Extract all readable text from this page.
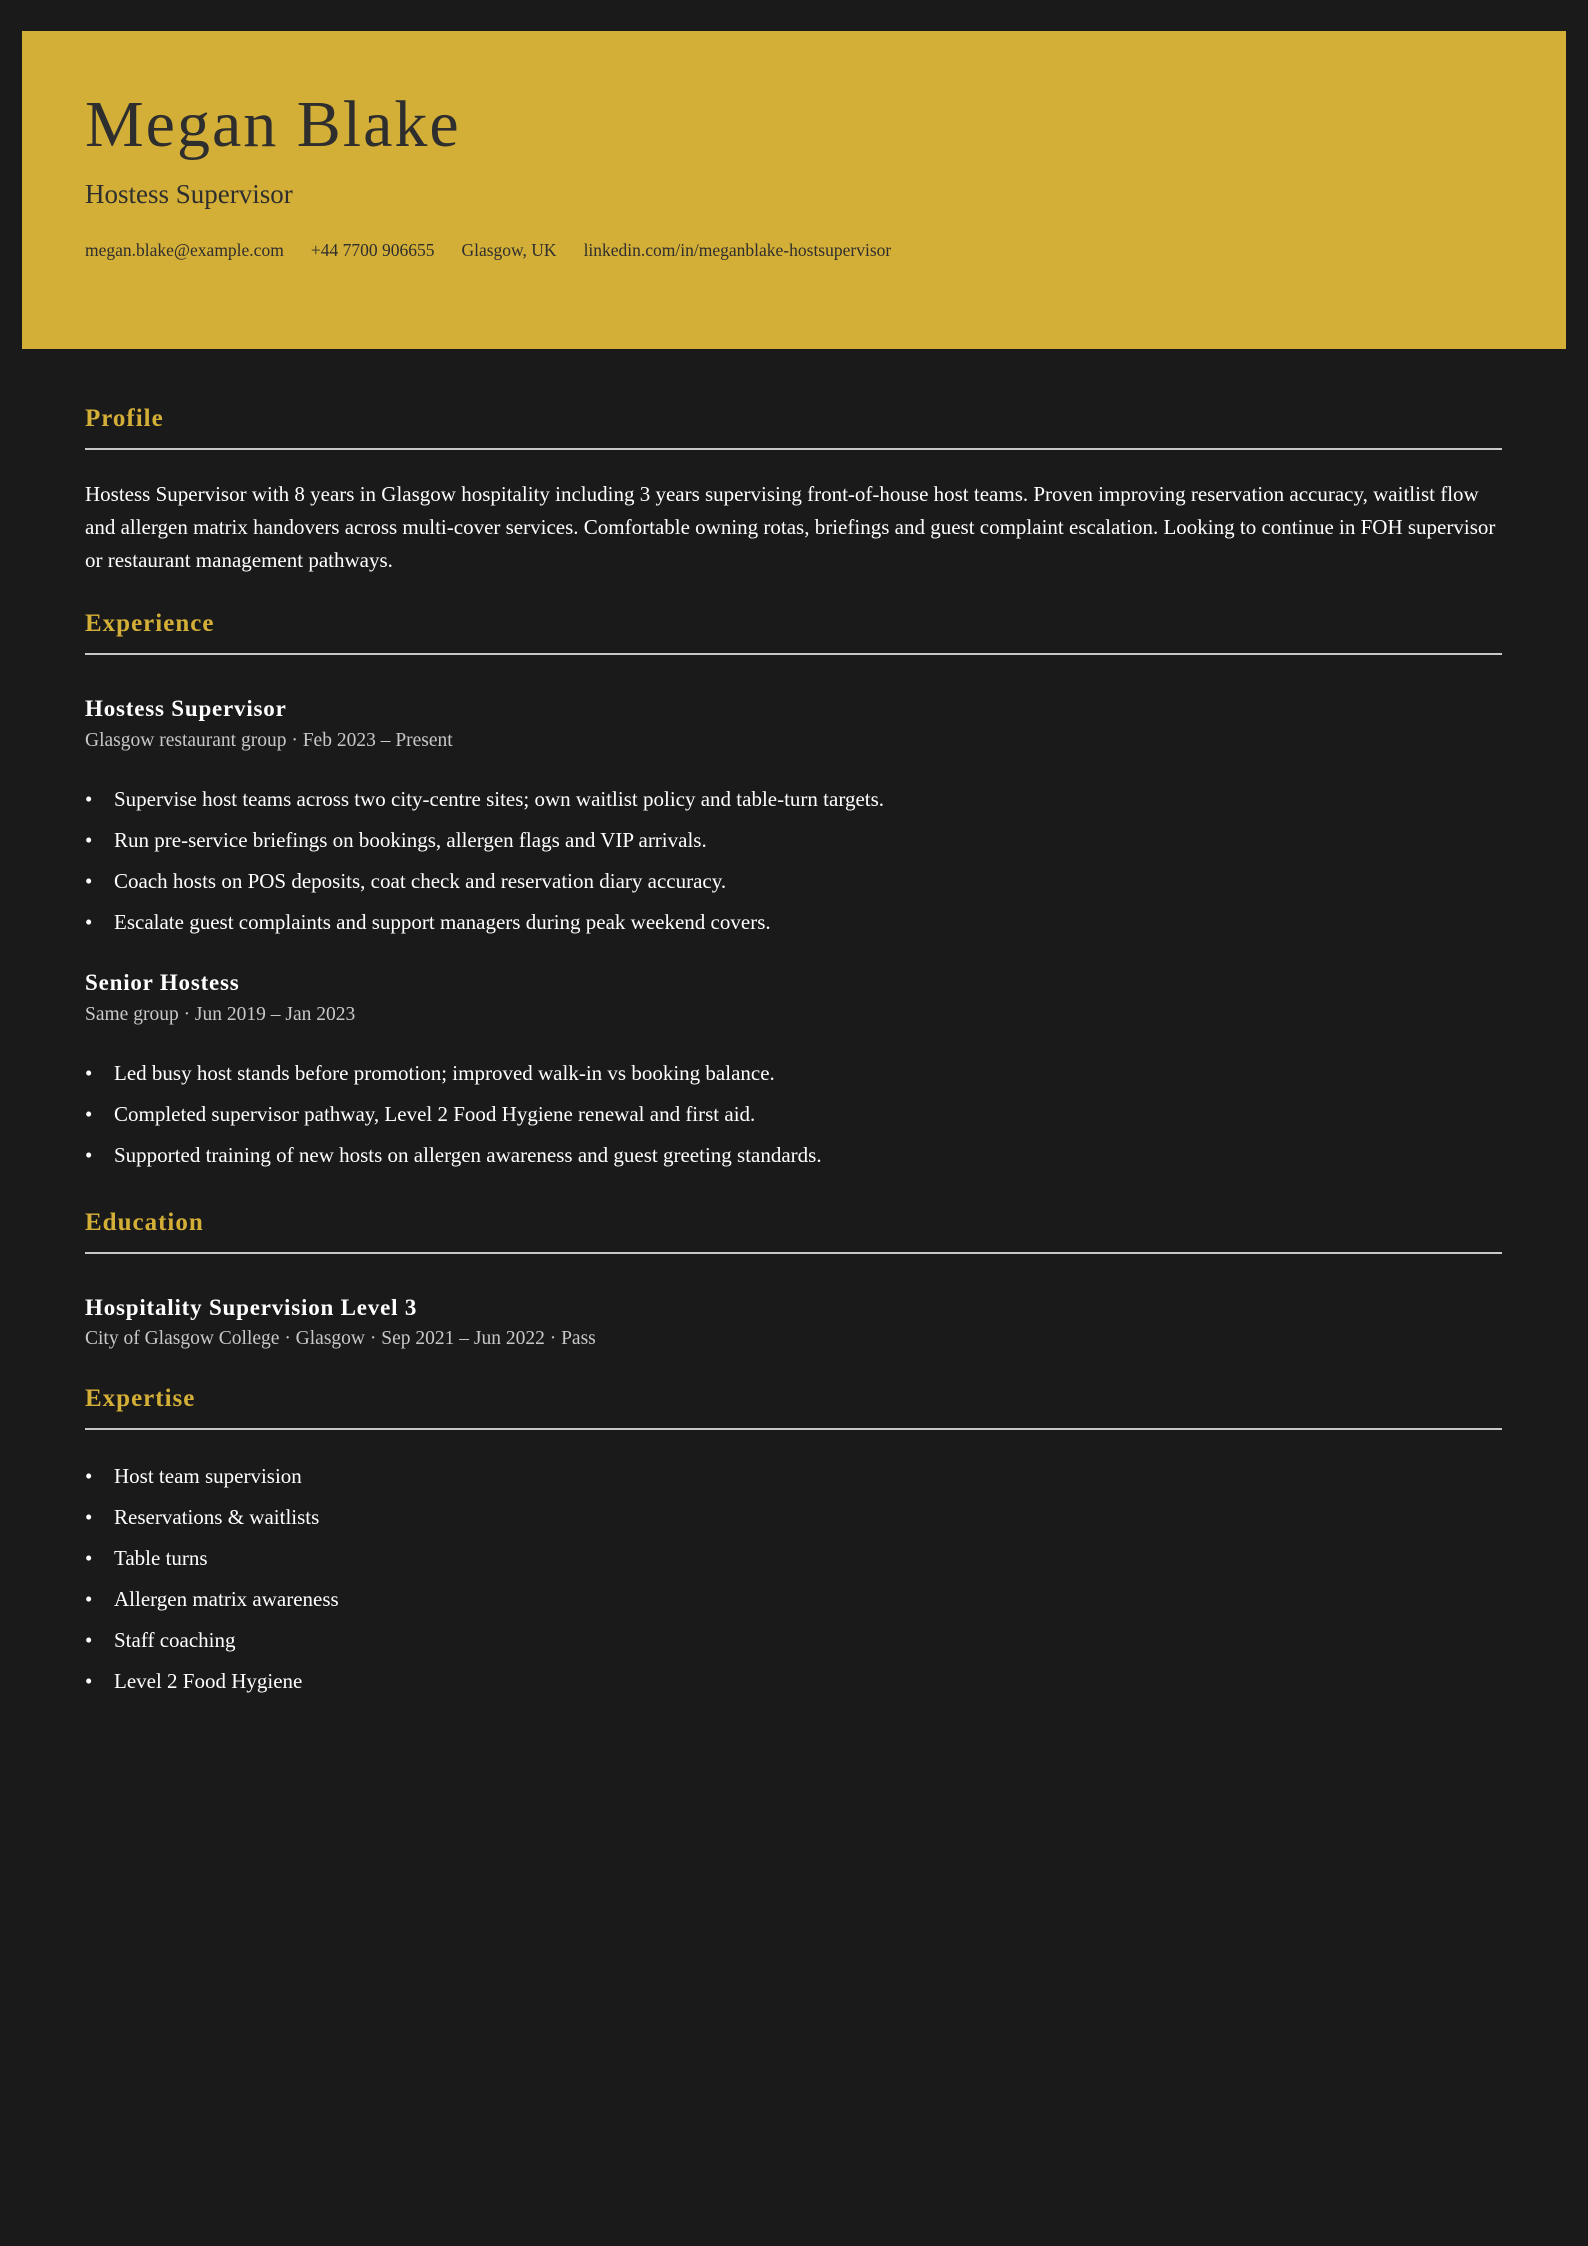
Megan Blake
Hostess Supervisor
megan.blake@example.com +44 7700 906655 Glasgow, UK linkedin.com/in/meganblake-hostsupervisor
Profile

Hostess Supervisor with 8 years in Glasgow hospitality including 3 years supervising front-of-house host teams. Proven improving reservation accuracy, waitlist flow and allergen matrix handovers across multi-cover services. Comfortable owning rotas, briefings and guest complaint escalation. Looking to continue in FOH supervisor or restaurant management pathways.

Experience
Hostess Supervisor
Glasgow restaurant group · Feb 2023 – Present
• Supervise host teams across two city-centre sites; own waitlist policy and table-turn targets.
• Run pre-service briefings on bookings, allergen flags and VIP arrivals.
• Coach hosts on POS deposits, coat check and reservation diary accuracy.
• Escalate guest complaints and support managers during peak weekend covers.
Senior Hostess
Same group · Jun 2019 – Jan 2023
• Led busy host stands before promotion; improved walk-in vs booking balance.
• Completed supervisor pathway, Level 2 Food Hygiene renewal and first aid.
• Supported training of new hosts on allergen awareness and guest greeting standards.
Education
Hospitality Supervision Level 3
City of Glasgow College · Glasgow · Sep 2021 – Jun 2022 · Pass
Expertise
• Host team supervision
• Reservations & waitlists
• Table turns
• Allergen matrix awareness
• Staff coaching
• Level 2 Food Hygiene
